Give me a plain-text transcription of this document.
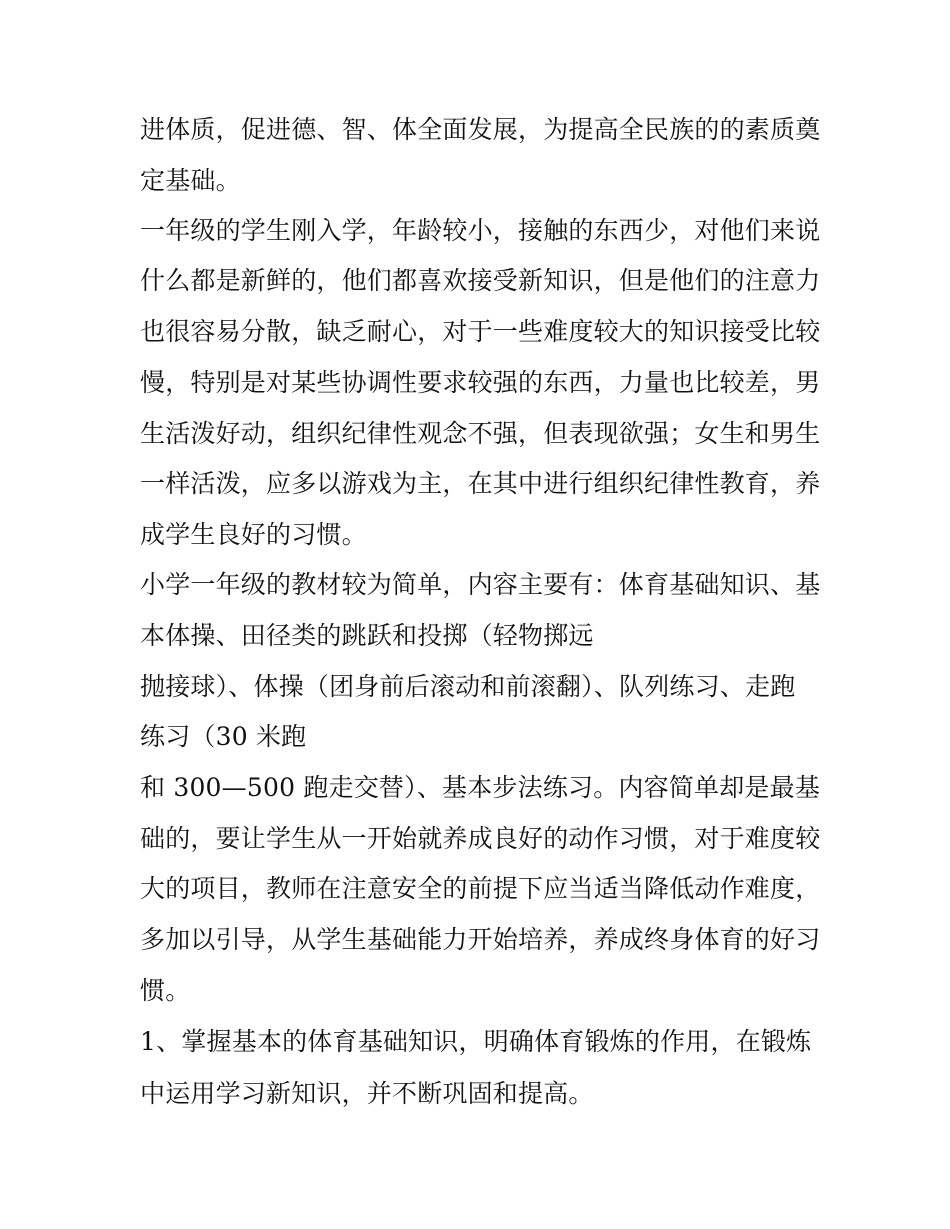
进体质，促进德、智、体全面发展，为提高全民族的的素质奠
定基础。
一年级的学生刚入学，年龄较小，接触的东西少，对他们来说
什么都是新鲜的，他们都喜欢接受新知识，但是他们的注意力
也很容易分散，缺乏耐心，对于一些难度较大的知识接受比较
慢，特别是对某些协调性要求较强的东西，力量也比较差，男
生活泼好动，组织纪律性观念不强，但表现欲强；女生和男生
一样活泼，应多以游戏为主，在其中进行组织纪律性教育，养
成学生良好的习惯。
小学一年级的教材较为简单，内容主要有：体育基础知识、基
本体操、田径类的跳跃和投掷（轻物掷远
抛接球）、体操（团身前后滚动和前滚翻）、队列练习、走跑
练习（30 米跑
和 300—500 跑走交替）、基本步法练习。内容简单却是最基
础的，要让学生从一开始就养成良好的动作习惯，对于难度较
大的项目，教师在注意安全的前提下应当适当降低动作难度，
多加以引导，从学生基础能力开始培养，养成终身体育的好习
惯。
1、掌握基本的体育基础知识，明确体育锻炼的作用，在锻炼
中运用学习新知识，并不断巩固和提高。
